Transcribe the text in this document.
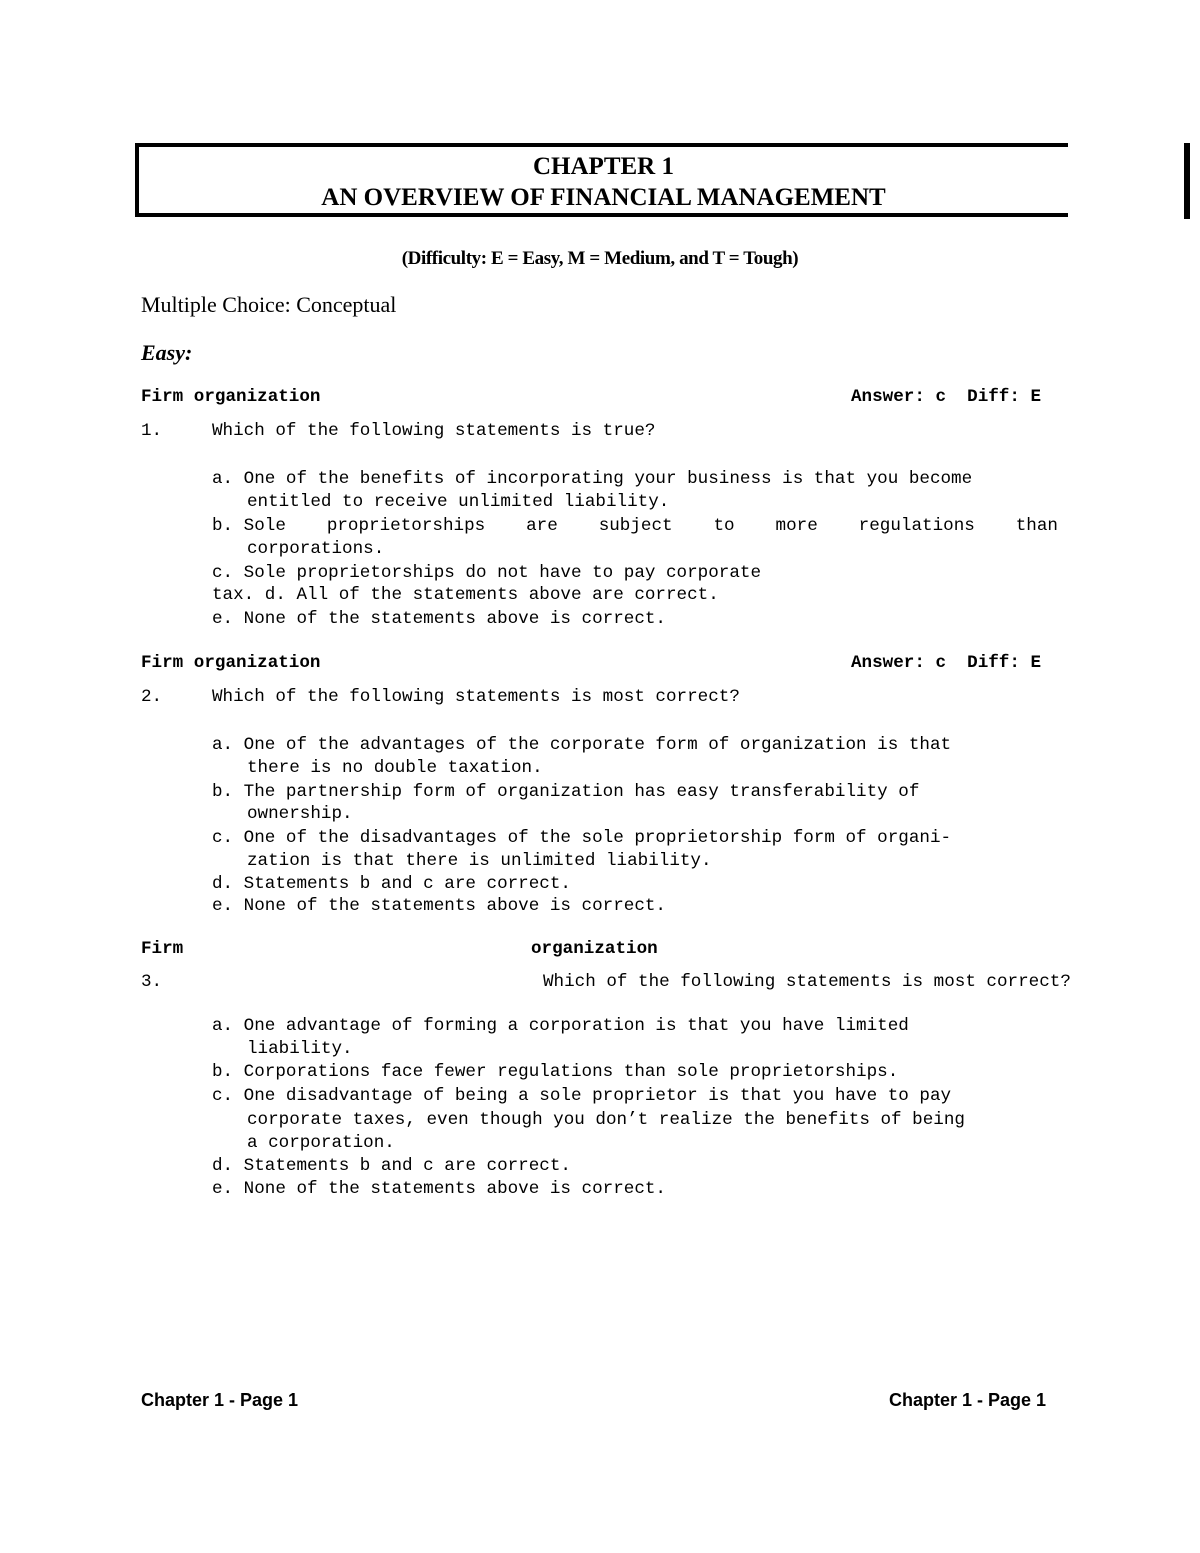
CHAPTER 1
AN OVERVIEW OF FINANCIAL MANAGEMENT
(Difficulty: E = Easy, M = Medium, and T = Tough)
Multiple Choice: Conceptual
Easy:
Firm organization	Answer: c  Diff: E
1.	Which of the following statements is true?
a. One of the benefits of incorporating your business is that you become
entitled to receive unlimited liability.
b. Sole proprietorships are subject to more regulations than
corporations.
c. Sole proprietorships do not have to pay corporate
tax. d. All of the statements above are correct.
e. None of the statements above is correct.
Firm organization	Answer: c  Diff: E
2.	Which of the following statements is most correct?
a. One of the advantages of the corporate form of organization is that
there is no double taxation.
b. The partnership form of organization has easy transferability of
ownership.
c. One of the disadvantages of the sole proprietorship form of organi-
zation is that there is unlimited liability.
d. Statements b and c are correct.
e. None of the statements above is correct.
Firm	organization
3.	Which of the following statements is most correct?
a. One advantage of forming a corporation is that you have limited
liability.
b. Corporations face fewer regulations than sole proprietorships.
c. One disadvantage of being a sole proprietor is that you have to pay
corporate taxes, even though you don’t realize the benefits of being
a corporation.
d. Statements b and c are correct.
e. None of the statements above is correct.
Chapter 1 - Page 1	Chapter 1 - Page 1
